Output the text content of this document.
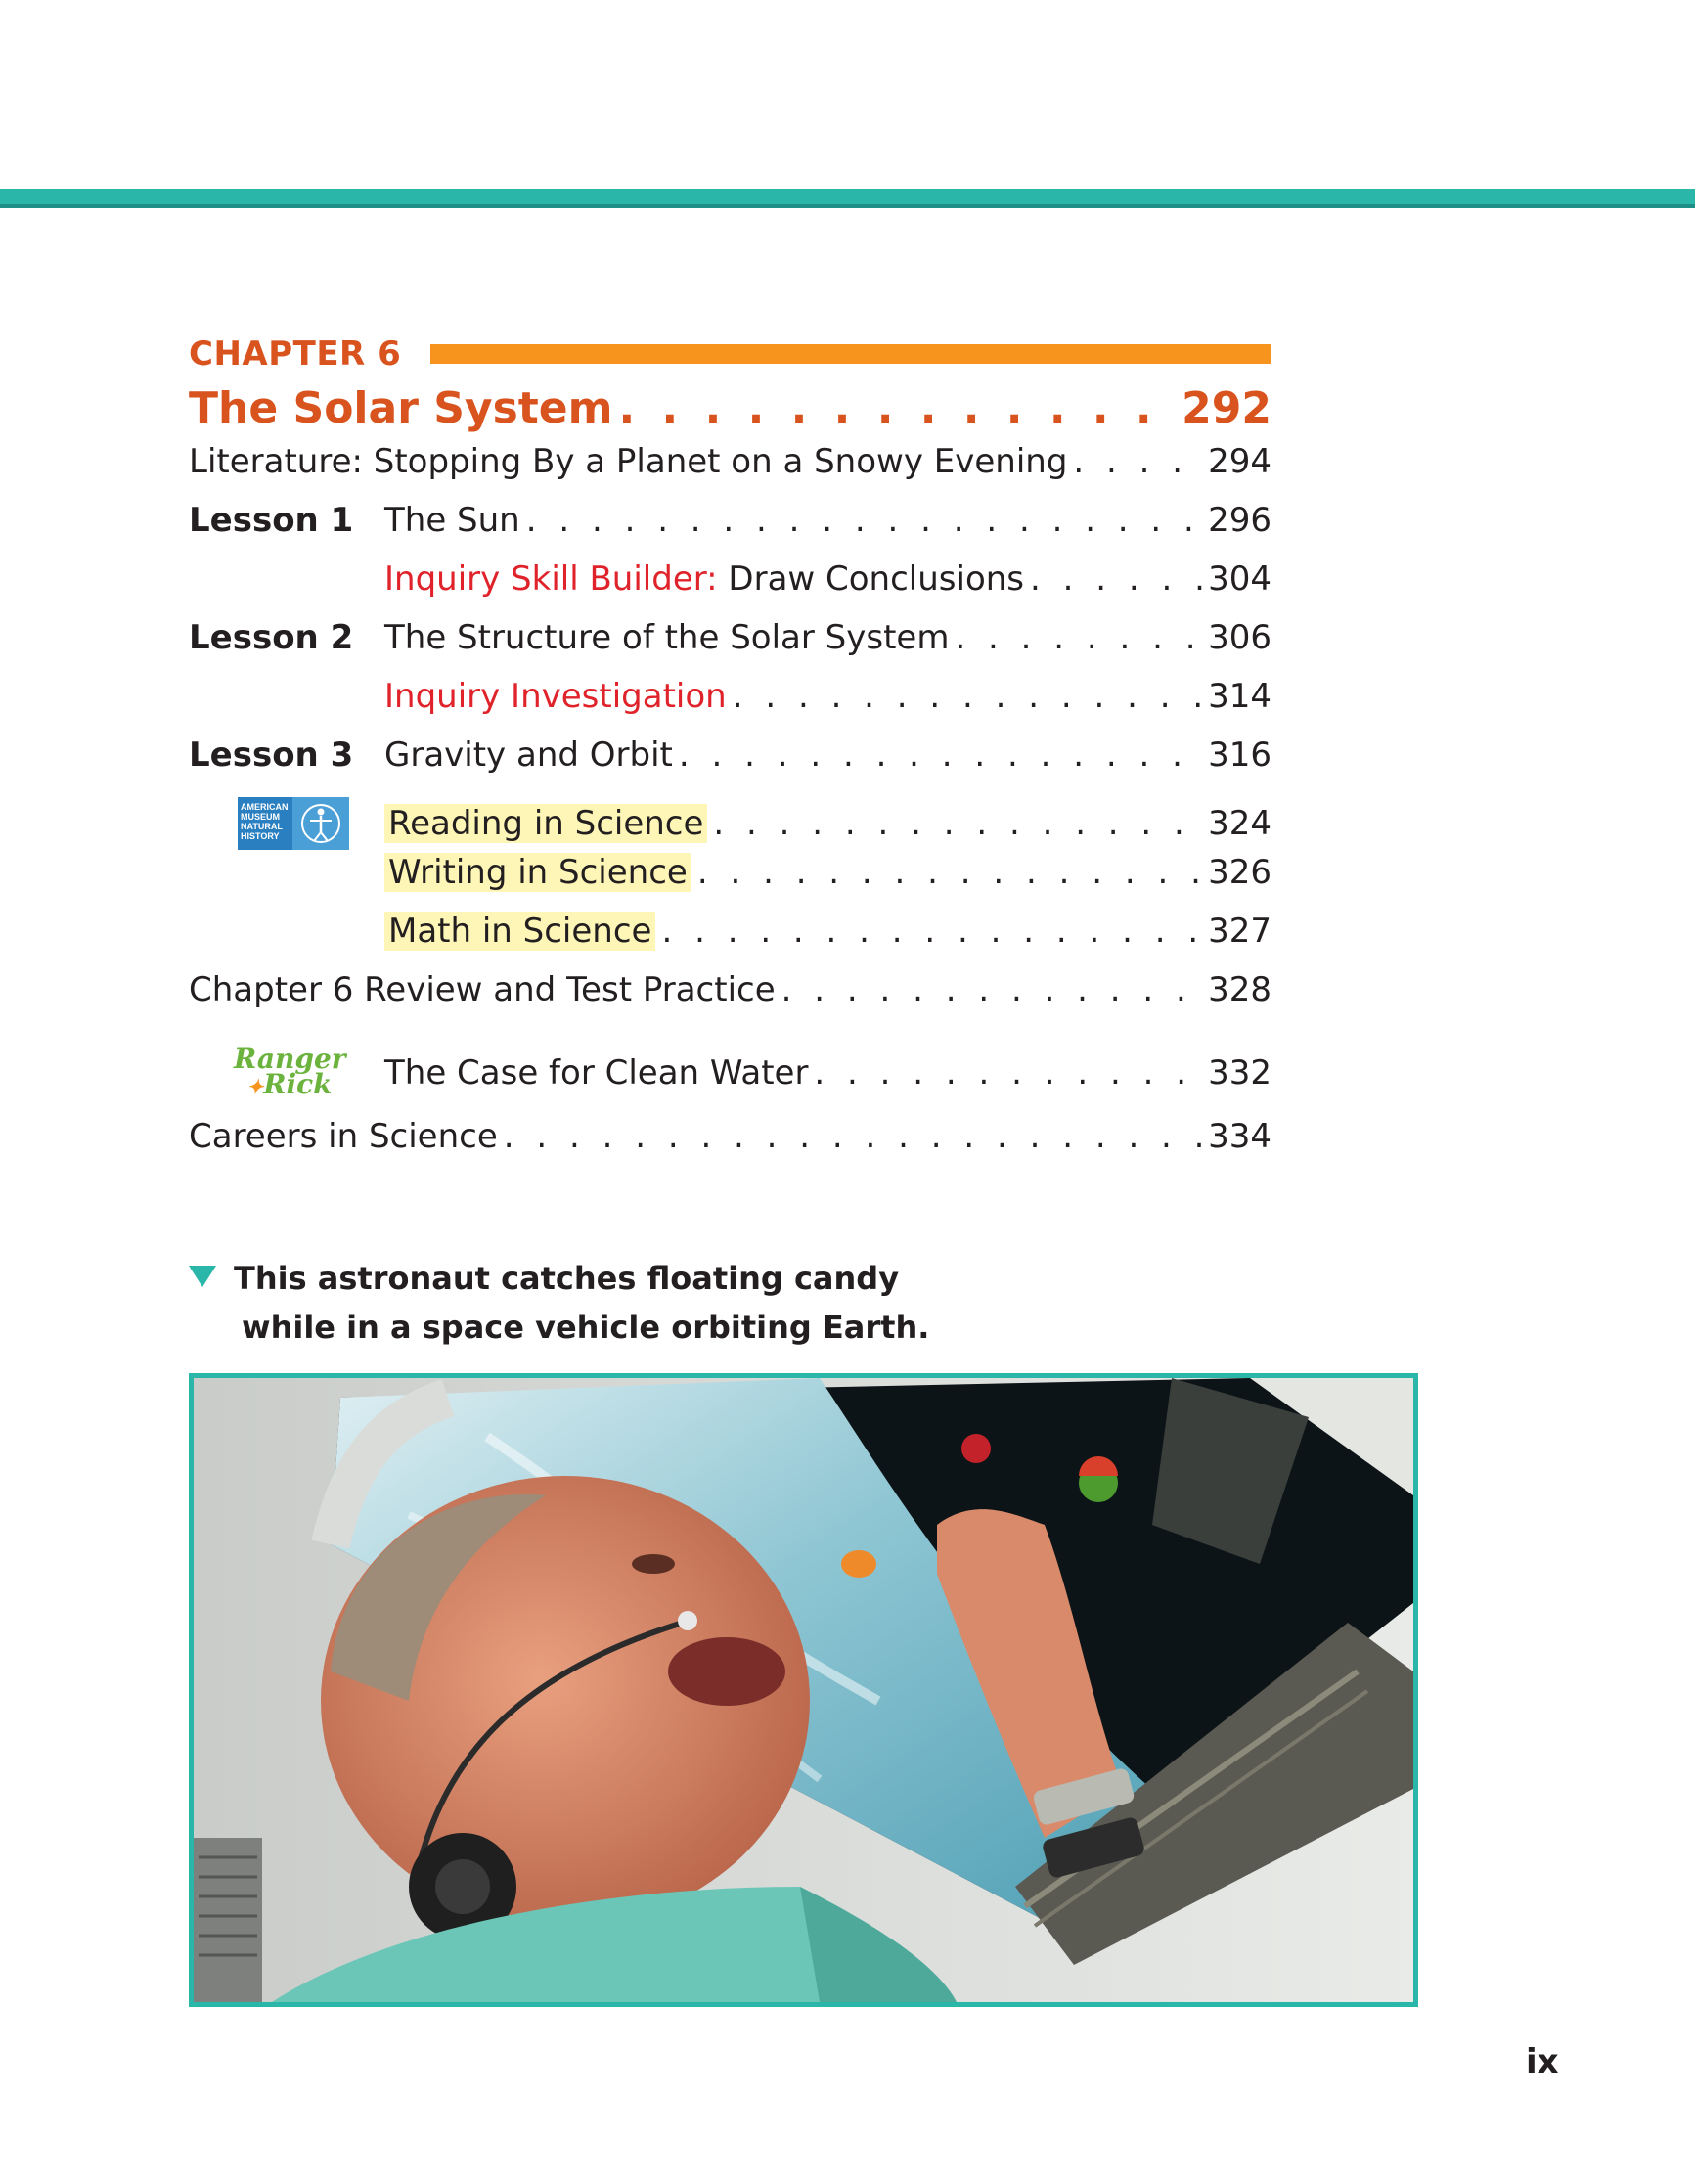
CHAPTER 6
The Solar System . . .	292
Literature: Stopping By a Planet on a Snowy Evening . . .	294
Lesson 1 The Sun . . .	296
Inquiry Skill Builder: Draw Conclusions . . .	304
Lesson 2 The Structure of the Solar System . . .	306
Inquiry Investigation . . .	314
Lesson 3 Gravity and Orbit . . .	316
AMERICAN
MUSEUM
NATURAL
HISTORY	Reading in Science . . .	324
Writing in Science . . .	326
Math in Science . . .	327
Chapter 6 Review and Test Practice . . .	328
Ranger
✦Rick	The Case for Clean Water . . .	332
Careers in Science . . .	334
This astronaut catches floating candy
while in a space vehicle orbiting Earth.
ix
